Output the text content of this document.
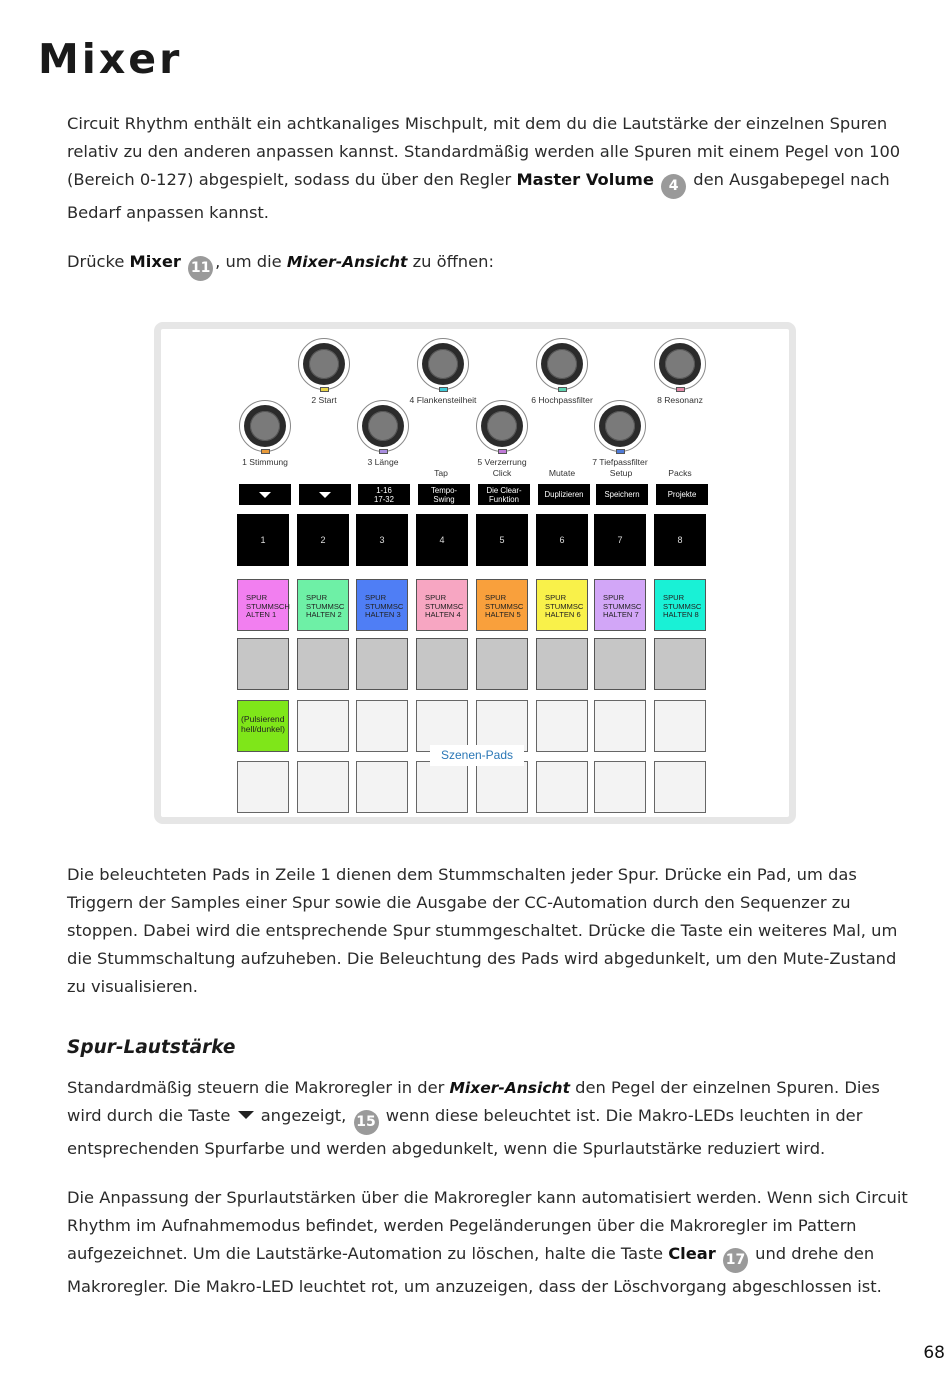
Mixer

Circuit Rhythm enthält ein achtkanaliges Mischpult, mit dem du die Lautstärke der einzelnen Spuren relativ zu den anderen anpassen kannst. Standardmäßig werden alle Spuren mit einem Pegel von 100 (Bereich 0-127) abgespielt, sodass du über den Regler Master Volume 4 den Ausgabepegel nach Bedarf anpassen kannst.

Drücke Mixer 11 , um die Mixer-Ansicht zu öffnen:

2 Start	4 Flankensteilheit	6 Hochpassfilter	8 Resonanz
1 Stimmung	3 Länge	5 Verzerrung	7 Tiefpassfilter
Tap	Click	Mutate	Setup	Packs
1-16
17-32
Tempo-
Swing
Die Clear-
Funktion	Duplizieren	Speichern	Projekte
1	2	3	4	5	6	7	8
SPUR
STUMMSCH
ALTEN 1
SPUR
STUMMSC
HALTEN 2
SPUR
STUMMSC
HALTEN 3
SPUR
STUMMSC
HALTEN 4
SPUR
STUMMSC
HALTEN 5
SPUR
STUMMSC
HALTEN 6
SPUR
STUMMSC
HALTEN 7
SPUR
STUMMSC
HALTEN 8
(Pulsierend
hell/dunkel)
Szenen-Pads

Die beleuchteten Pads in Zeile 1 dienen dem Stummschalten jeder Spur. Drücke ein Pad, um das Triggern der Samples einer Spur sowie die Ausgabe der CC-Automation durch den Sequenzer zu stoppen. Dabei wird die entsprechende Spur stummgeschaltet. Drücke die Taste ein weiteres Mal, um die Stummschaltung aufzuheben. Die Beleuchtung des Pads wird abgedunkelt, um den Mute-Zustand zu visualisieren.

Spur-Lautstärke

Standardmäßig steuern die Makroregler in der Mixer-Ansicht den Pegel der einzelnen Spuren. Dies wird durch die Taste  angezeigt, 15 wenn diese beleuchtet ist. Die Makro-LEDs leuchten in der entsprechenden Spurfarbe und werden abgedunkelt, wenn die Spurlautstärke reduziert wird.

Die Anpassung der Spurlautstärken über die Makroregler kann automatisiert werden. Wenn sich Circuit Rhythm im Aufnahmemodus befindet, werden Pegeländerungen über die Makroregler im Pattern aufgezeichnet. Um die Lautstärke-Automation zu löschen, halte die Taste Clear 17 und drehe den Makroregler. Die Makro-LED leuchtet rot, um anzuzeigen, dass der Löschvorgang abgeschlossen ist.

68
